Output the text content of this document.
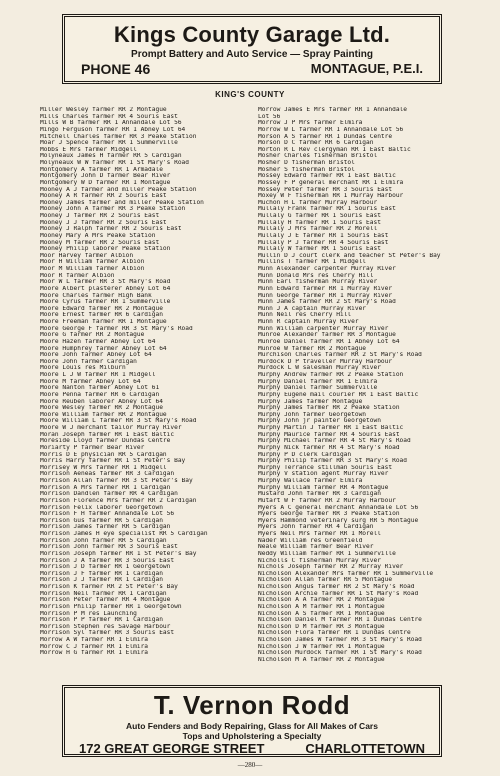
Kings County Garage Ltd.
Prompt Battery and Auto Service — Spray Painting
PHONE 46	MONTAGUE, P.E.I.
KING'S COUNTY
Miller Wesley farmer RR 2 Montague
Mills Charles farmer RR 4 Souris East
Mills W B farmer RR 1 Annandale Lot 56
Mingo Ferguson farmer RR 1 Abney Lot 64
Mitchell Charles farmer RR 3 Peake Station
Moar J Spence farmer RR 1 Summerville
Mobbs E Mrs farmer Midgell
Molyneaux James H farmer RR 5 Cardigan
Molyneaux W W farmer RR 1 St Mary's Road
Montgomery A farmer RR 1 Armadale
Montgomery John D farmer Bear River
Montgomery W D farmer RR 1 Montague
Mooney A J farmer and miller Peake Station
Mooney A R farmer RR 2 Souris East
Mooney James farmer and miller Peake Station
Mooney John A farmer RR 3 Peake Station
Mooney J farmer RR 2 Souris East
Mooney J J farmer RR 2 Souris East
Mooney J Ralph farmer RR 2 Souris East
Mooney Mary A Mrs Peake Station
Mooney M farmer RR 2 Souris East
Mooney Philip laborer Peake Station
Moor Harvey farmer Albion
Moor H William farmer Albion
Moor M William farmer Albion
Moor R farmer Albion
Moor W L farmer RR 3 St Mary's Road
Moore Albert plasterer Abney Lot 64
Moore Charles farmer High Bank
Moore Cyrus farmer RR 1 Summerville
Moore Edward farmer RR 2 Montague
Moore Ernest farmer RR 6 Cardigan
Moore Freeman farmer RR 1 Montague
Moore George F farmer RR 3 St Mary's Road
Moore G farmer RR 2 Montague
Moore Hazen farmer Abney Lot 64
Moore Humphrey farmer Abney Lot 64
Moore John farmer Abney Lot 64
Moore John farmer Cardigan
Moore Louis res Milburn
Moore L J W farmer RR 1 Midgell
Moore M farmer Abney Lot 64
Moore Nanton farmer Abney Lot 61
Moore Penna farmer RR 6 Cardigan
Moore Reuben laborer Abney Lot 64
Moore Wesley farmer RR 2 Montague
Moore William farmer RR 2 Montague
Moore William L farmer RR 3 St Mary's Road
Moore W J merchant tailor Murray River
Moran Joseph farmer RR 1 East Baltic
Moreside Lloyd farmer Dundas Centre
Moriarty P farmer Bear River
Morris D E physician RR 5 Cardigan
Morris Harry farmer RR 1 St Peter's Bay
Morrisey W Mrs farmer RR 1 Midgell
Morrison Aeneas farmer RR 3 Cardigan
Morrison Allan farmer RR 3 St Peter's Bay
Morrison A Mrs farmer RR 1 Cardigan
Morrison Dandlen farmer RR 4 Cardigan
Morrison Florence Mrs farmer RR 2 Cardigan
Morrison Felix laborer Georgetown
Morrison F H farmer Annandale Lot 56
Morrison Gus farmer RR 5 Cardigan
Morrison James farmer RR 5 Cardigan
Morrison James H eye specialist RR 5 Cardigan
Morrison John farmer RR 5 Cardigan
Morrison John farmer RR 3 Souris East
Morrison Joseph farmer RR 1 St Peter's Bay
Morrison J A farmer RR 3 Souris East
Morrison J D farmer RR 1 Georgetown
Morrison J F farmer RR 1 Cardigan
Morrison J J farmer RR 1 Cardigan
Morrison K farmer RR 2 St Peter's Bay
Morrison Neil farmer RR 1 Cardigan
Morrison Peter farmer RR 4 Montague
Morrison Philip farmer RR 1 Georgetown
Morrison P M res Launching
Morrison P P farmer RR 1 Cardigan
Morrison Stephen res Savage Harbour
Morrison Syl farmer RR 3 Souris East
Morrow A W farmer RR 1 Elmira
Morrow C J farmer RR 1 Elmira
Morrow H G farmer RR 1 Elmira
Morrow James E Mrs farmer RR 1 Annandale
Lot 56
Morrow J P Mrs farmer Elmira
Morrow W L farmer RR 1 Annandale Lot 56
Morson A S farmer RR 1 Dundas Centre
Morson D C farmer RR 6 Cardigan
Morton R L Rev clergyman RR 1 East Baltic
Mosher Charles fisherman Bristol
Mosher D fisherman Bristol
Mosher S fisherman Bristol
Mossey Edward farmer RR 1 East Baltic
Mossey F P general merchant RR 1 Elmira
Mossey Peter farmer RR 3 Souris East
Moxey W F fisherman RR 1 Murray Harbour
Muchon H L farmer Murray Harbour
Mullaly Frank farmer RR 1 Souris East
Mullaly G farmer RR 1 Souris East
Mullaly H farmer RR 1 Souris East
Mullaly J Mrs farmer RR 2 Morell
Mullaly J E farmer RR 1 Souris East
Mullaly P J farmer RR 4 Souris East
Mullaly W farmer RR 1 Souris East
Mullin D J court clerk and teacher St Peter's Bay
Mullins T farmer RR 1 Midgell
Munn Alexander carpenter Murray River
Munn Donald Mrs res Cherry Hill
Munn Earl fisherman Murray River
Munn Edward farmer RR 1 Murray River
Munn George farmer RR 1 Murray River
Munn James farmer RR 2 St Mary's Road
Munn J A captain Murray River
Munn Neil res Cherry Hill
Munn R captain Murray River
Munn William carpenter Murray River
Munroe Alexander farmer RR 3 Montague
Munroe Daniel farmer RR 1 Abney Lot 64
Munroe W farmer RR 2 Montague
Murchison Charles farmer RR 2 St Mary's Road
Murdock D P traveller Murray Harbour
Murdock L W salesman Murray River
Murphy Andrew farmer RR 2 Peake Station
Murphy Daniel farmer RR 1 Elmira
Murphy Daniel farmer Summerville
Murphy Eugene mail courier RR 1 East Baltic
Murphy James farmer Montague
Murphy James farmer RR 2 Peake Station
Murphy John farmer Georgetown
Murphy John jr painter Georgetown
Murphy Martin J farmer RR 1 East Baltic
Murphy Maurice farmer RR 4 Souris East
Murphy Michael farmer RR 4 St Mary's Road
Murphy Nick farmer RR 4 St Mary's Road
Murphy P D clerk Cardigan
Murphy Philip farmer RR 3 St Mary's Road
Murphy Terrance stillman Souris East
Murphy V station agent Murray River
Murphy Wallace farmer Elmira
Murphy William farmer RR 4 Montague
Mustard John farmer RR 3 Cardigan
Mutart W F farmer RR 2 Murray Harbour
Myers A C general merchant Annandale Lot 56
Myers George farmer RR 3 Peake Station
Myers Hammond veterinary surg RR 5 Montague
Myers John farmer RR 4 Cardigan
Myers Neil Mrs farmer RR 1 Morell
Nader William res Greenfield
Neale William farmer Bear River
Neddy William farmer RR 1 Summerville
Nicholls C fisherman Murray River
Nichols Joseph farmer RR 2 Murray River
Nicholson Alexander Mrs farmer RR 1 Summerville
Nicholson Allan farmer RR 5 Montague
Nicholson Angus farmer RR 2 St Mary's Road
Nicholson Archie farmer RR 1 St Mary's Road
Nicholson A A farmer RR 2 Montague
Nicholson A M farmer RR 1 Montague
Nicholson A S farmer RR 1 Montague
Nicholson Daniel M farmer RR 1 Dundas Centre
Nicholson D M farmer RR 3 Montague
Nicholson Flora farmer RR 1 Dundas Centre
Nicholson James W farmer RR 3 St Mary's Road
Nicholson J W farmer RR 1 Montague
Nicholson Murdock farmer RR 1 St Mary's Road
Nicholson M A farmer RR 2 Montague
T. Vernon Rodd
Auto Fenders and Body Repairing, Glass for All Makes of Cars
Tops and Upholstering a Specialty
172 GREAT GEORGE STREET	CHARLOTTETOWN
—280—
